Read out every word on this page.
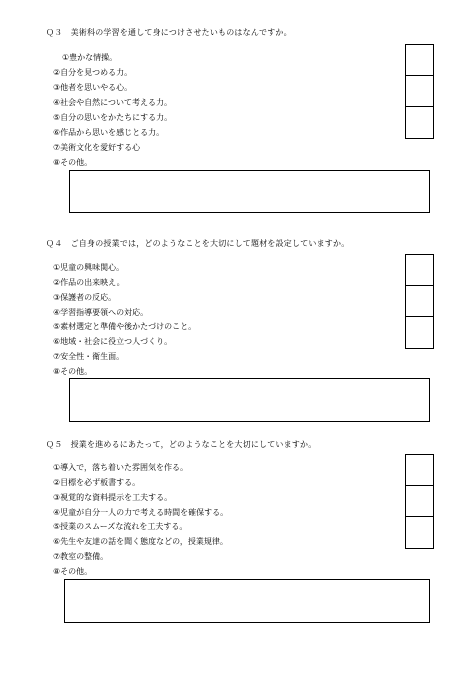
Ｑ３　美術科の学習を通して身につけさせたいものはなんですか。
①豊かな情操。
②自分を見つめる力。
③他者を思いやる心。
④社会や自然について考える力。
⑤自分の思いをかたちにする力。
⑥作品から思いを感じとる力。
⑦美術文化を愛好する心
⑧その他。
Ｑ４　ご自身の授業では，どのようなことを大切にして題材を設定していますか。
①児童の興味関心。
②作品の出来映え。
③保護者の反応。
④学習指導要領への対応。
⑤素材選定と準備や後かたづけのこと。
⑥地域・社会に役立つ人づくり。
⑦安全性・衛生面。
⑧その他。
Ｑ５　授業を進めるにあたって，どのようなことを大切にしていますか。
①導入で，落ち着いた雰囲気を作る。
②目標を必ず板書する。
③視覚的な資料提示を工夫する。
④児童が自分一人の力で考える時間を確保する。
⑤授業のスムーズな流れを工夫する。
⑥先生や友達の話を聞く態度などの，授業規律。
⑦教室の整備。
⑧その他。
